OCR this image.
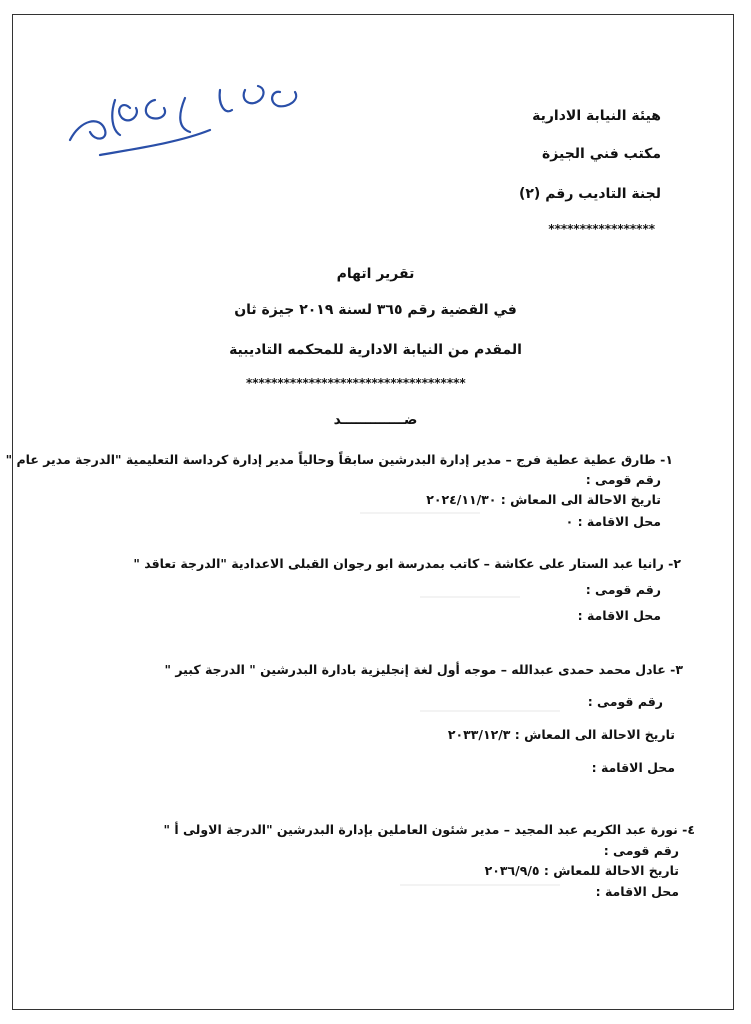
هيئة النيابة الادارية
مكتب فني الجيزة
لجنة التاديب رقم (٢)
*****************
تقرير اتهام
في القضية رقم ٣٦٥ لسنة ٢٠١٩ جيزة ثان
المقدم من النيابة الادارية للمحكمه التاديبية
***********************************
ضـــــــــــــد
١- طارق عطية عطية فرج – مدير إدارة البدرشين سابقاً وحالياً مدير إدارة كرداسة التعليمية "الدرجة مدير عام "
رقم قومى :
تاريخ الاحالة الى المعاش : ٢٠٢٤/١١/٣٠
محل الاقامة : ٠
٢- رانيا عبد الستار على عكاشة – كاتب بمدرسة ابو رجوان القبلى الاعدادية "الدرجة تعاقد "
رقم قومى :
محل الاقامة :
٣- عادل محمد حمدى عبدالله – موجه أول لغة إنجليزية بادارة البدرشين " الدرجة كبير "
رقم قومى :
تاريخ الاحالة الى المعاش : ٢٠٣٣/١٢/٣
محل الاقامة :
٤- نورة عبد الكريم عبد المجيد – مدير شئون العاملين بإدارة البدرشين "الدرجة الاولى أ "
رقم قومى :
تاريخ الاحالة للمعاش : ٢٠٣٦/٩/٥
محل الاقامة :
